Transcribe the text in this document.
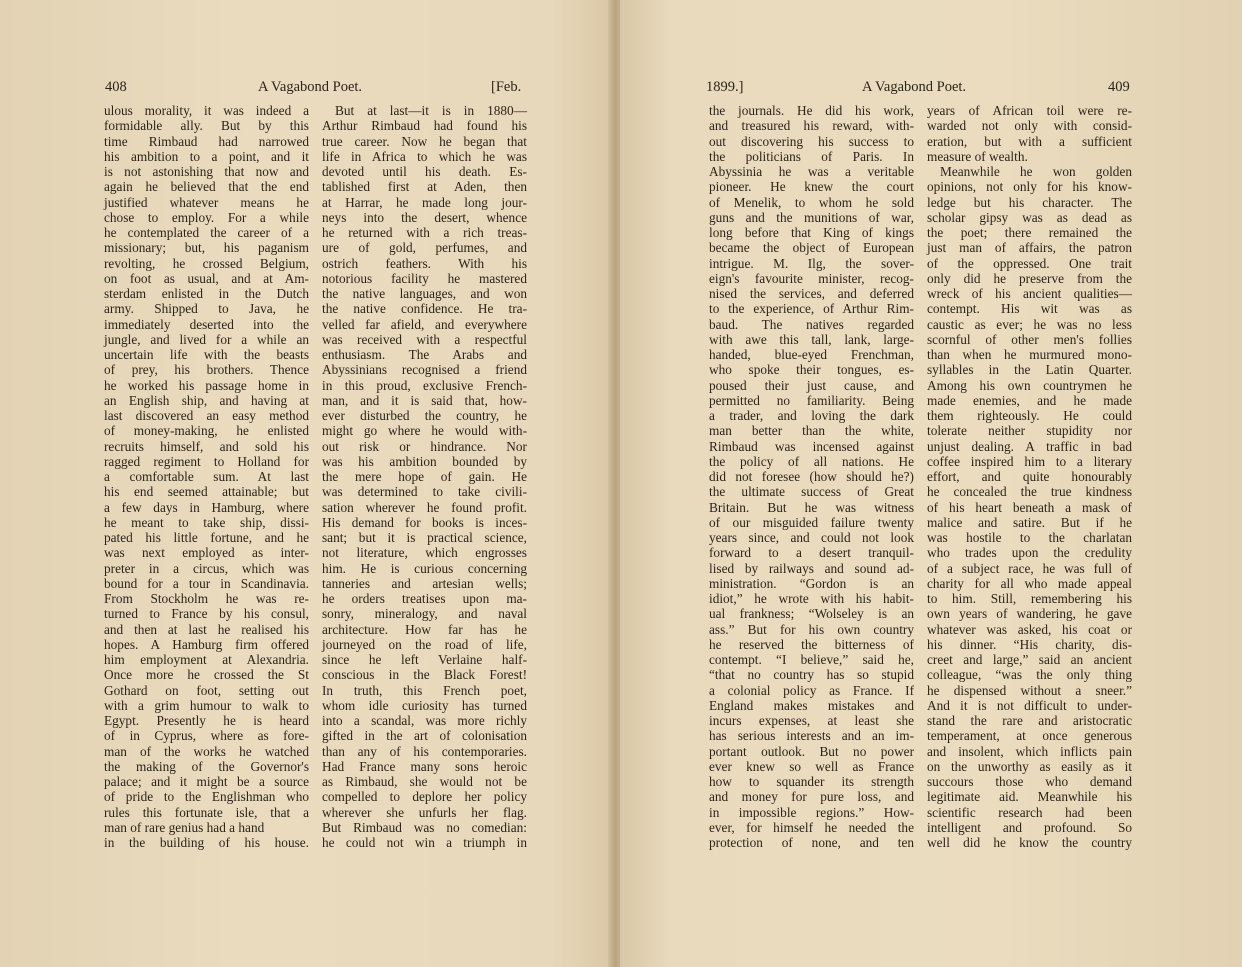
408	A Vagabond Poet.	[Feb.
ulous morality, it was indeed a
formidable ally. But by this
time Rimbaud had narrowed
his ambition to a point, and it
is not astonishing that now and
again he believed that the end
justified whatever means he
chose to employ. For a while
he contemplated the career of a
missionary; but, his paganism
revolting, he crossed Belgium,
on foot as usual, and at Am-
sterdam enlisted in the Dutch
army. Shipped to Java, he
immediately deserted into the
jungle, and lived for a while an
uncertain life with the beasts
of prey, his brothers. Thence
he worked his passage home in
an English ship, and having at
last discovered an easy method
of money-making, he enlisted
recruits himself, and sold his
ragged regiment to Holland for
a comfortable sum. At last
his end seemed attainable; but
a few days in Hamburg, where
he meant to take ship, dissi-
pated his little fortune, and he
was next employed as inter-
preter in a circus, which was
bound for a tour in Scandinavia.
From Stockholm he was re-
turned to France by his consul,
and then at last he realised his
hopes. A Hamburg firm offered
him employment at Alexandria.
Once more he crossed the St
Gothard on foot, setting out
with a grim humour to walk to
Egypt. Presently he is heard
of in Cyprus, where as fore-
man of the works he watched
the making of the Governor's
palace; and it might be a source
of pride to the Englishman who
rules this fortunate isle, that a
man of rare genius had a hand
in the building of his house.
But at last—it is in 1880—
Arthur Rimbaud had found his
true career. Now he began that
life in Africa to which he was
devoted until his death. Es-
tablished first at Aden, then
at Harrar, he made long jour-
neys into the desert, whence
he returned with a rich treas-
ure of gold, perfumes, and
ostrich feathers. With his
notorious facility he mastered
the native languages, and won
the native confidence. He tra-
velled far afield, and everywhere
was received with a respectful
enthusiasm. The Arabs and
Abyssinians recognised a friend
in this proud, exclusive French-
man, and it is said that, how-
ever disturbed the country, he
might go where he would with-
out risk or hindrance. Nor
was his ambition bounded by
the mere hope of gain. He
was determined to take civili-
sation wherever he found profit.
His demand for books is inces-
sant; but it is practical science,
not literature, which engrosses
him. He is curious concerning
tanneries and artesian wells;
he orders treatises upon ma-
sonry, mineralogy, and naval
architecture. How far has he
journeyed on the road of life,
since he left Verlaine half-
conscious in the Black Forest!
In truth, this French poet,
whom idle curiosity has turned
into a scandal, was more richly
gifted in the art of colonisation
than any of his contemporaries.
Had France many sons heroic
as Rimbaud, she would not be
compelled to deplore her policy
wherever she unfurls her flag.
But Rimbaud was no comedian:
he could not win a triumph in
1899.]	A Vagabond Poet.	409
the journals. He did his work,
and treasured his reward, with-
out discovering his success to
the politicians of Paris. In
Abyssinia he was a veritable
pioneer. He knew the court
of Menelik, to whom he sold
guns and the munitions of war,
long before that King of kings
became the object of European
intrigue. M. Ilg, the sover-
eign's favourite minister, recog-
nised the services, and deferred
to the experience, of Arthur Rim-
baud. The natives regarded
with awe this tall, lank, large-
handed, blue-eyed Frenchman,
who spoke their tongues, es-
poused their just cause, and
permitted no familiarity. Being
a trader, and loving the dark
man better than the white,
Rimbaud was incensed against
the policy of all nations. He
did not foresee (how should he?)
the ultimate success of Great
Britain. But he was witness
of our misguided failure twenty
years since, and could not look
forward to a desert tranquil-
lised by railways and sound ad-
ministration. “Gordon is an
idiot,” he wrote with his habit-
ual frankness; “Wolseley is an
ass.” But for his own country
he reserved the bitterness of
contempt. “I believe,” said he,
“that no country has so stupid
a colonial policy as France. If
England makes mistakes and
incurs expenses, at least she
has serious interests and an im-
portant outlook. But no power
ever knew so well as France
how to squander its strength
and money for pure loss, and
in impossible regions.” How-
ever, for himself he needed the
protection of none, and ten
years of African toil were re-
warded not only with consid-
eration, but with a sufficient
measure of wealth.
Meanwhile he won golden
opinions, not only for his know-
ledge but his character. The
scholar gipsy was as dead as
the poet; there remained the
just man of affairs, the patron
of the oppressed. One trait
only did he preserve from the
wreck of his ancient qualities—
contempt. His wit was as
caustic as ever; he was no less
scornful of other men's follies
than when he murmured mono-
syllables in the Latin Quarter.
Among his own countrymen he
made enemies, and he made
them righteously. He could
tolerate neither stupidity nor
unjust dealing. A traffic in bad
coffee inspired him to a literary
effort, and quite honourably
he concealed the true kindness
of his heart beneath a mask of
malice and satire. But if he
was hostile to the charlatan
who trades upon the credulity
of a subject race, he was full of
charity for all who made appeal
to him. Still, remembering his
own years of wandering, he gave
whatever was asked, his coat or
his dinner. “His charity, dis-
creet and large,” said an ancient
colleague, “was the only thing
he dispensed without a sneer.”
And it is not difficult to under-
stand the rare and aristocratic
temperament, at once generous
and insolent, which inflicts pain
on the unworthy as easily as it
succours those who demand
legitimate aid. Meanwhile his
scientific research had been
intelligent and profound. So
well did he know the country
